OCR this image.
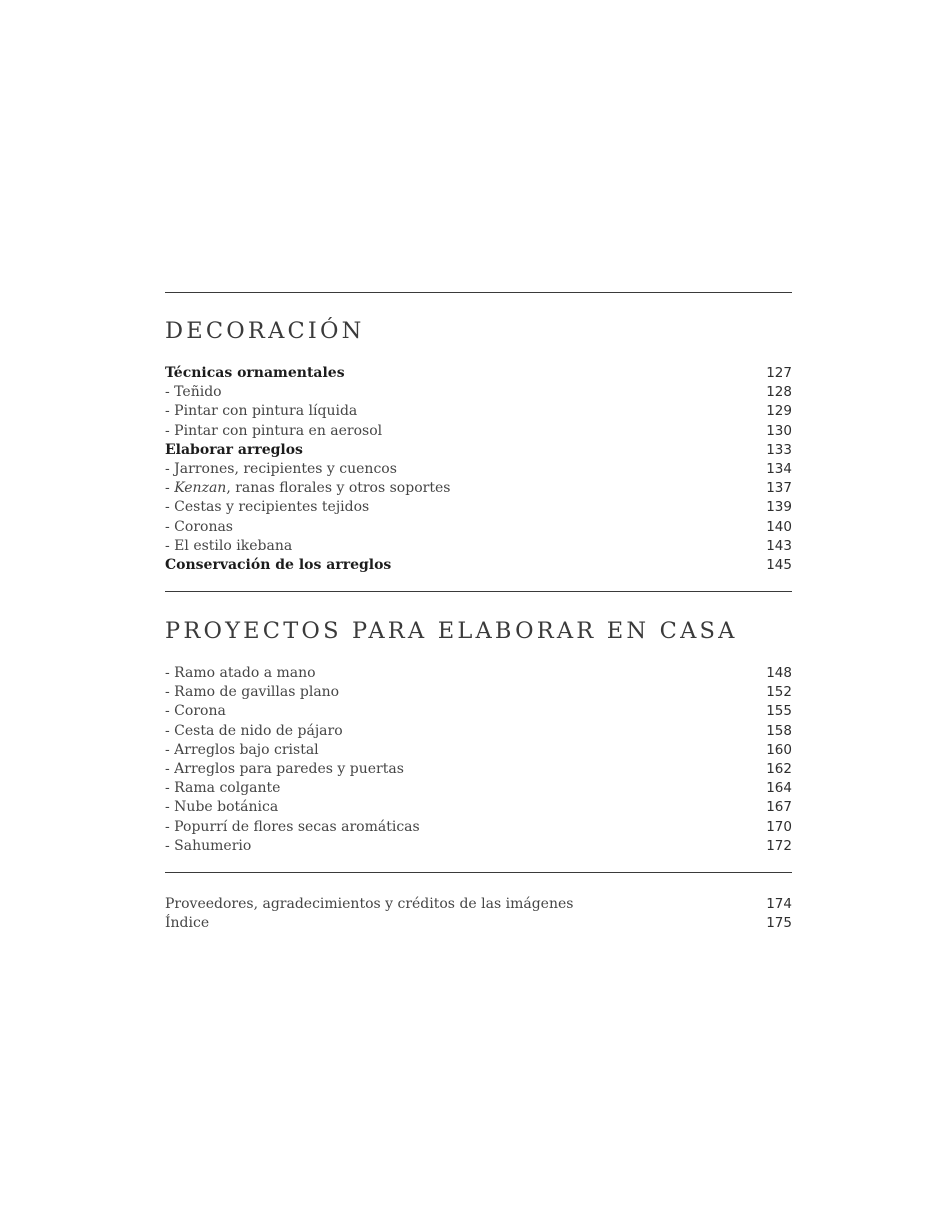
DECORACIÓN
Técnicas ornamentales	127
- Teñido	128
- Pintar con pintura líquida	129
- Pintar con pintura en aerosol	130
Elaborar arreglos	133
- Jarrones, recipientes y cuencos	134
- Kenzan, ranas florales y otros soportes	137
- Cestas y recipientes tejidos	139
- Coronas	140
- El estilo ikebana	143
Conservación de los arreglos	145
PROYECTOS PARA ELABORAR EN CASA
- Ramo atado a mano	148
- Ramo de gavillas plano	152
- Corona	155
- Cesta de nido de pájaro	158
- Arreglos bajo cristal	160
- Arreglos para paredes y puertas	162
- Rama colgante	164
- Nube botánica	167
- Popurrí de flores secas aromáticas	170
- Sahumerio	172
Proveedores, agradecimientos y créditos de las imágenes	174
Índice	175
